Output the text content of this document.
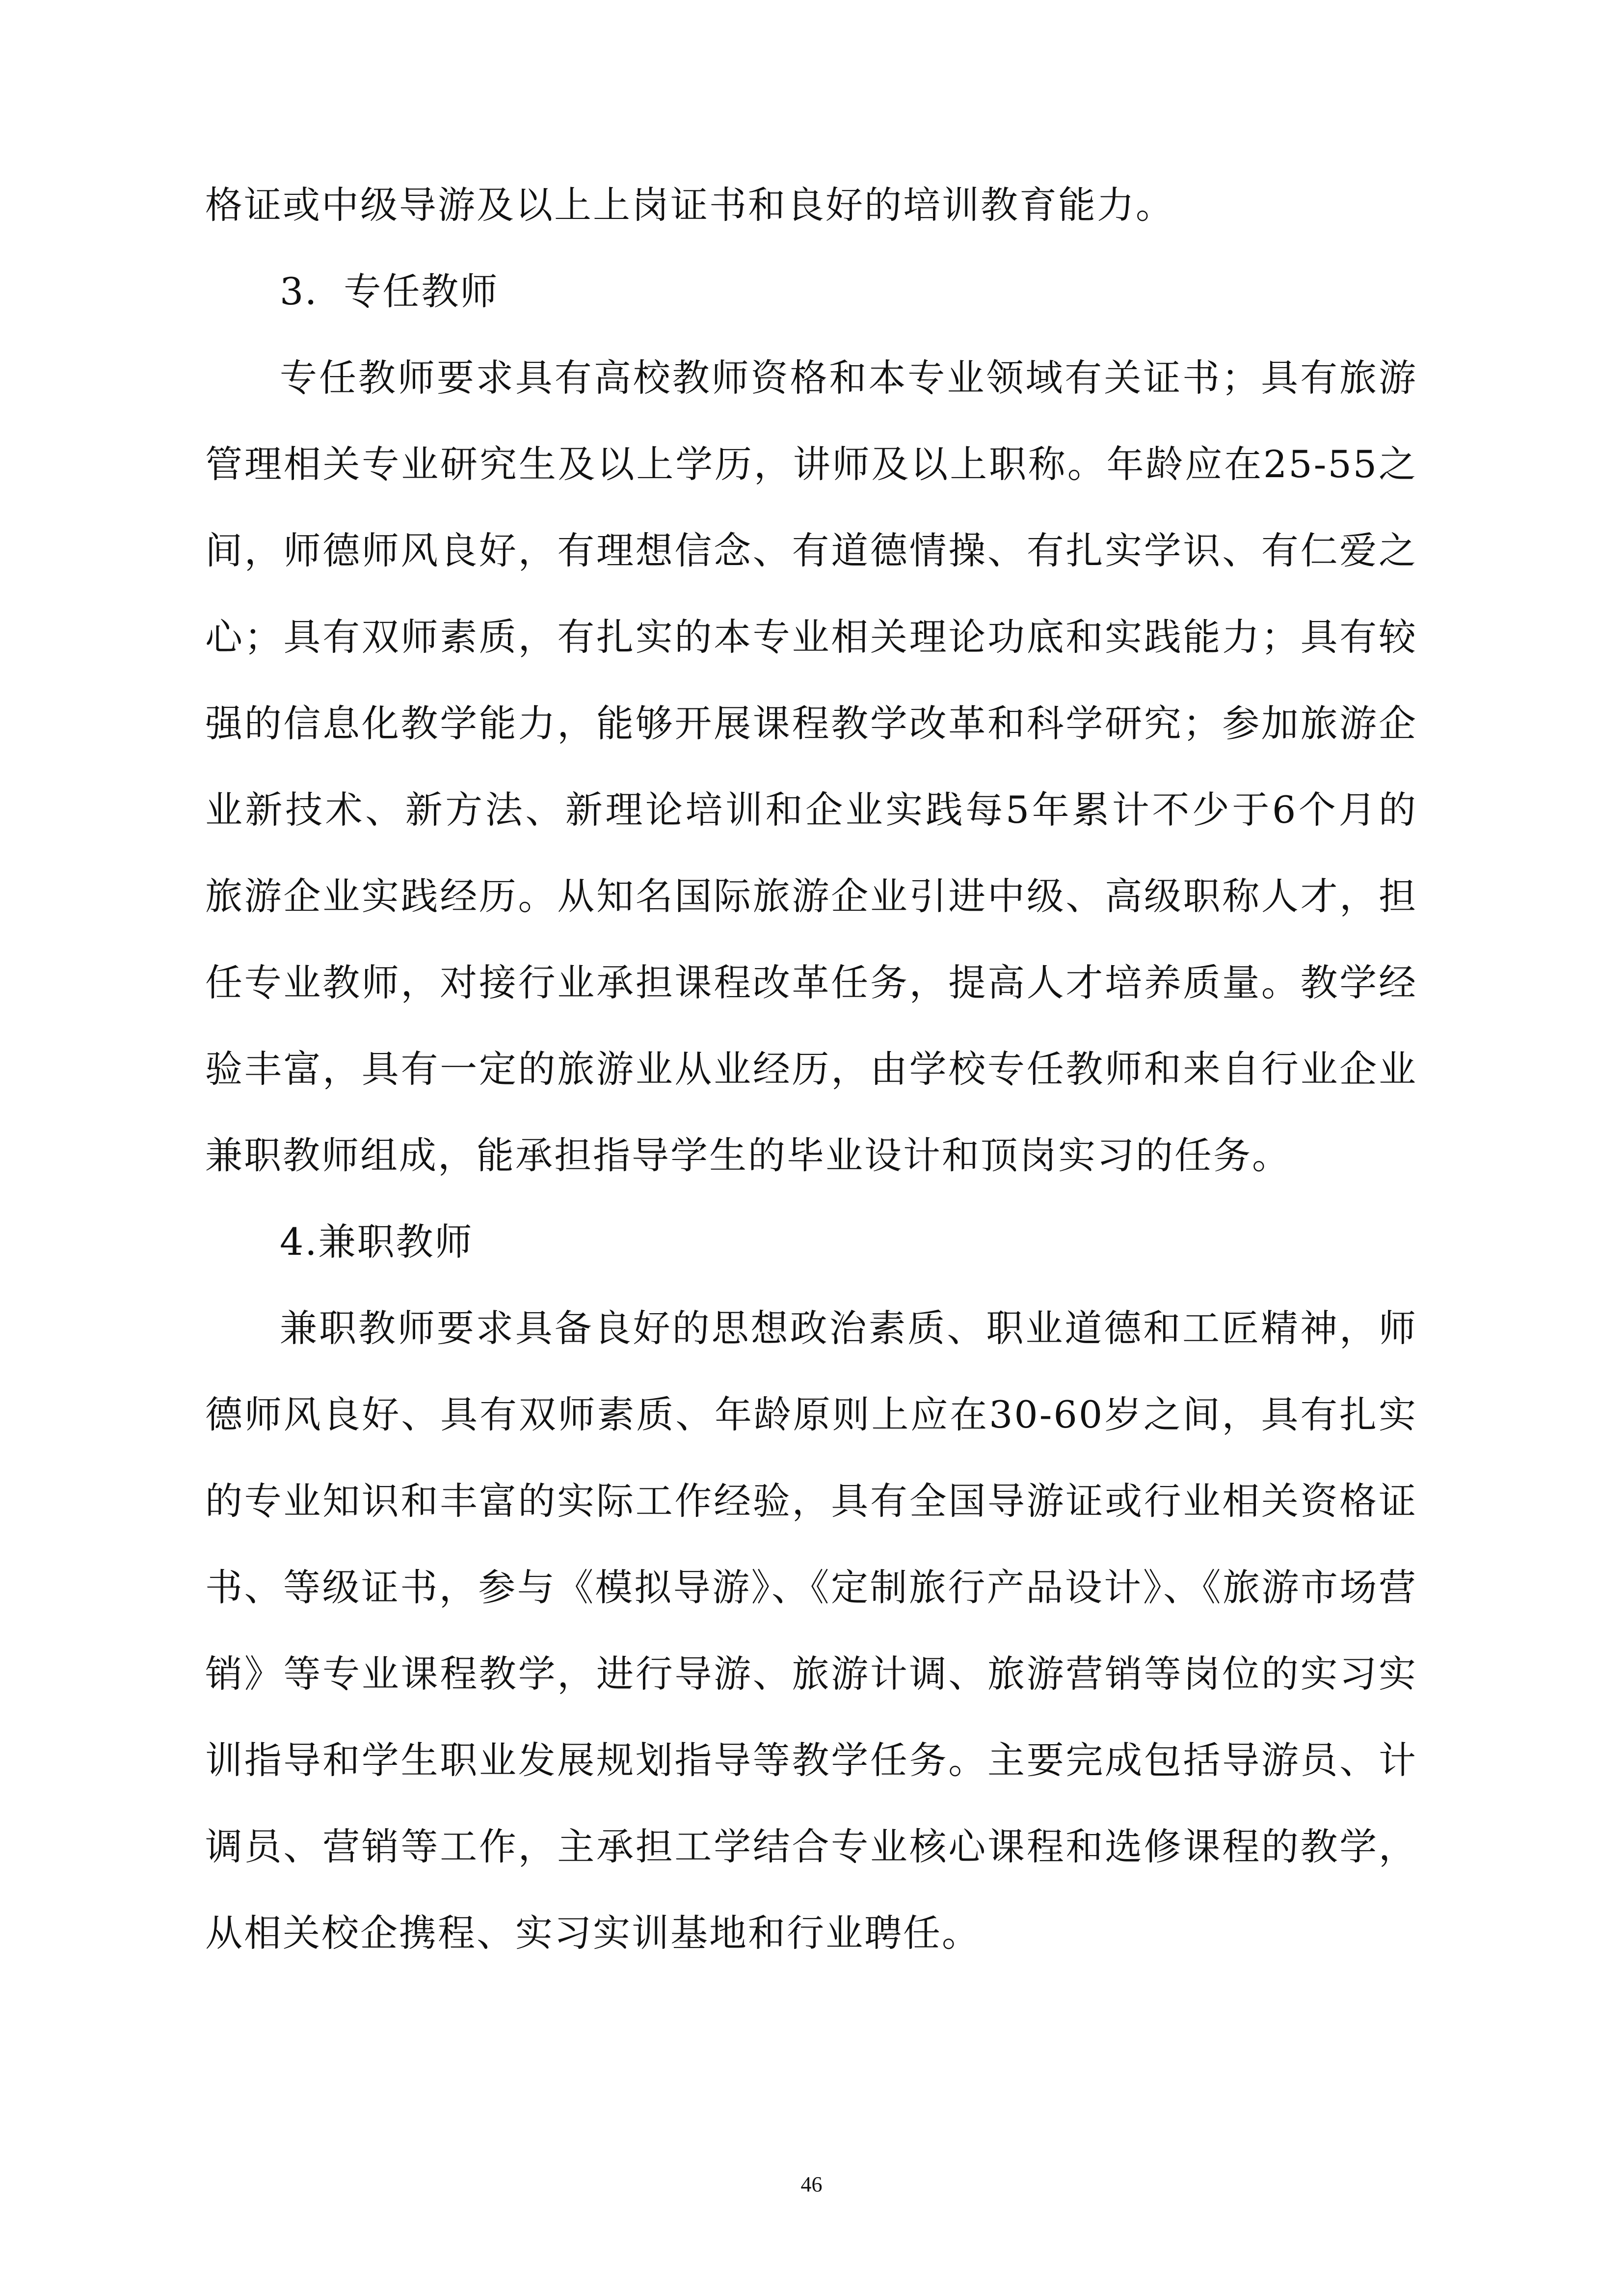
格证或中级导游及以上上岗证书和良好的培训教育能力。

3．专任教师

专任教师要求具有高校教师资格和本专业领域有关证书；具有旅游管理相关专业研究生及以上学历，讲师及以上职称。年龄应在25-55之间，师德师风良好，有理想信念、有道德情操、有扎实学识、有仁爱之心；具有双师素质，有扎实的本专业相关理论功底和实践能力；具有较强的信息化教学能力，能够开展课程教学改革和科学研究；参加旅游企业新技术、新方法、新理论培训和企业实践每5年累计不少于6个月的旅游企业实践经历。从知名国际旅游企业引进中级、高级职称人才，担任专业教师，对接行业承担课程改革任务，提高人才培养质量。教学经验丰富，具有一定的旅游业从业经历，由学校专任教师和来自行业企业兼职教师组成，能承担指导学生的毕业设计和顶岗实习的任务。

4.兼职教师

兼职教师要求具备良好的思想政治素质、职业道德和工匠精神，师德师风良好、具有双师素质、年龄原则上应在30-60岁之间，具有扎实的专业知识和丰富的实际工作经验，具有全国导游证或行业相关资格证书、等级证书，参与《模拟导游》、《定制旅行产品设计》、《旅游市场营销》等专业课程教学，进行导游、旅游计调、旅游营销等岗位的实习实训指导和学生职业发展规划指导等教学任务。主要完成包括导游员、计调员、营销等工作，主承担工学结合专业核心课程和选修课程的教学，从相关校企携程、实习实训基地和行业聘任。

46
